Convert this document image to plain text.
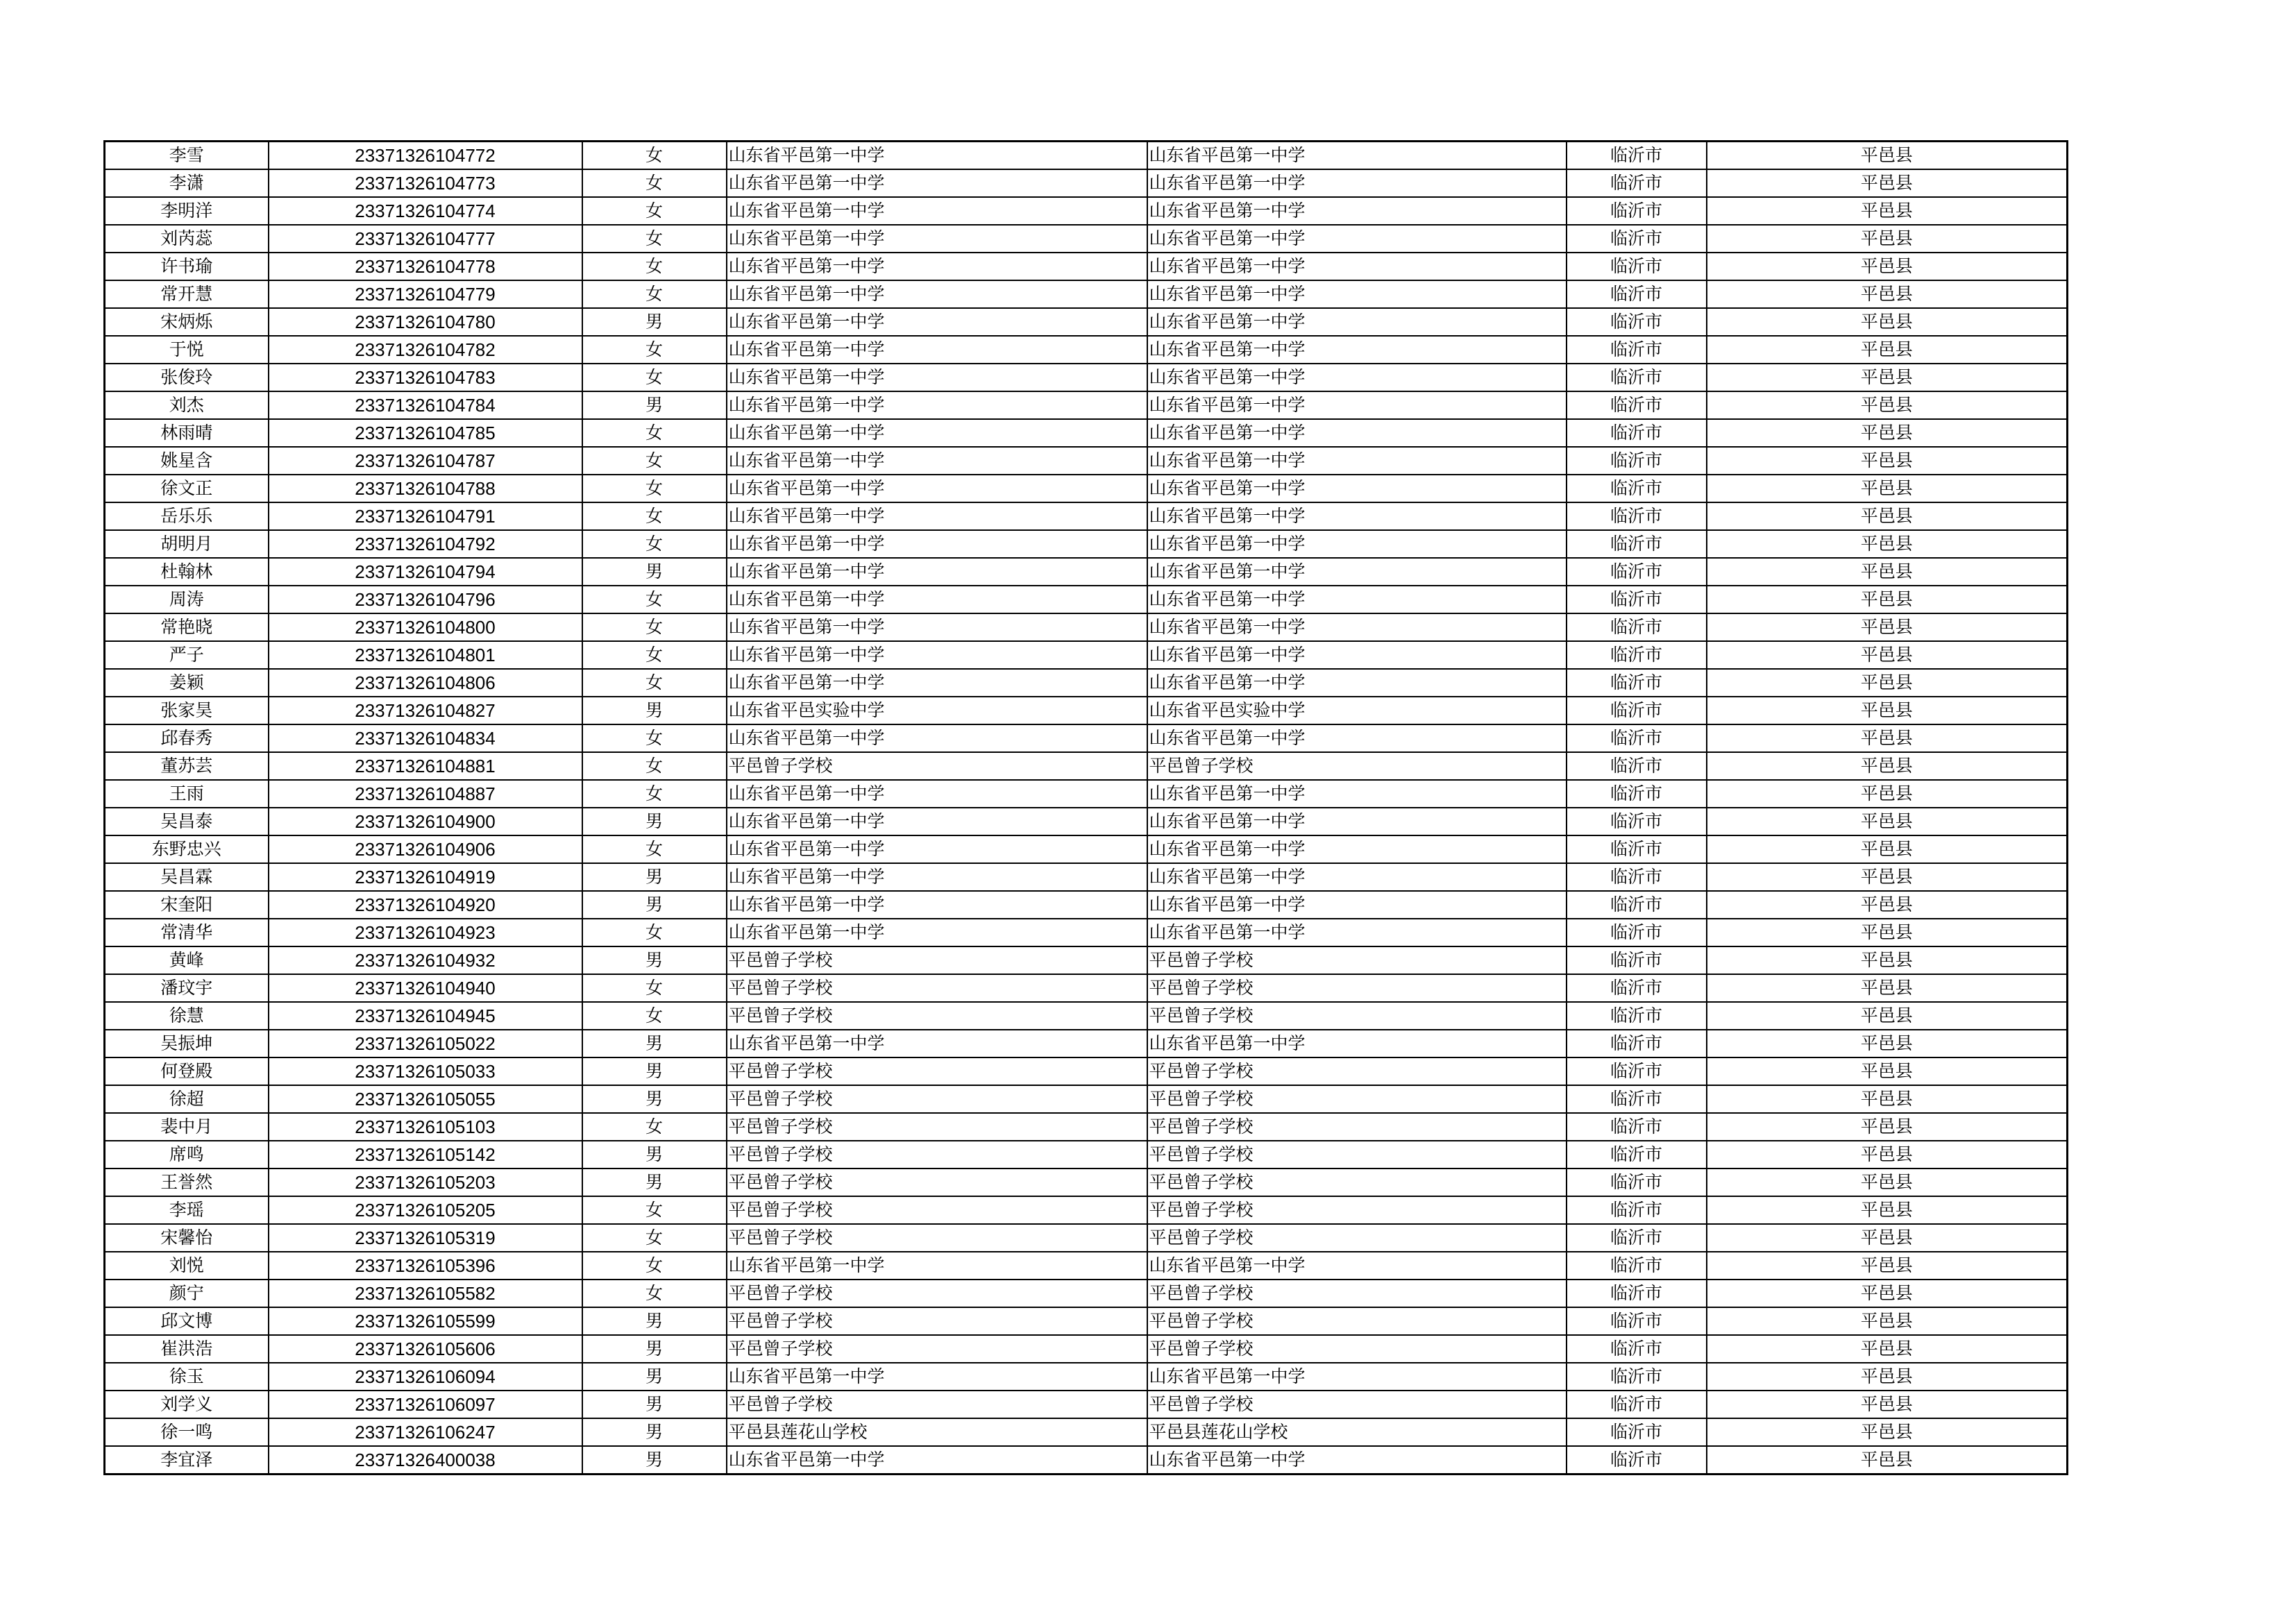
李雪	23371326104772	女	山东省平邑第一中学	山东省平邑第一中学	临沂市	平邑县
李潇	23371326104773	女	山东省平邑第一中学	山东省平邑第一中学	临沂市	平邑县
李明洋	23371326104774	女	山东省平邑第一中学	山东省平邑第一中学	临沂市	平邑县
刘芮蕊	23371326104777	女	山东省平邑第一中学	山东省平邑第一中学	临沂市	平邑县
许书瑜	23371326104778	女	山东省平邑第一中学	山东省平邑第一中学	临沂市	平邑县
常开慧	23371326104779	女	山东省平邑第一中学	山东省平邑第一中学	临沂市	平邑县
宋炳烁	23371326104780	男	山东省平邑第一中学	山东省平邑第一中学	临沂市	平邑县
于悦	23371326104782	女	山东省平邑第一中学	山东省平邑第一中学	临沂市	平邑县
张俊玲	23371326104783	女	山东省平邑第一中学	山东省平邑第一中学	临沂市	平邑县
刘杰	23371326104784	男	山东省平邑第一中学	山东省平邑第一中学	临沂市	平邑县
林雨晴	23371326104785	女	山东省平邑第一中学	山东省平邑第一中学	临沂市	平邑县
姚星含	23371326104787	女	山东省平邑第一中学	山东省平邑第一中学	临沂市	平邑县
徐文正	23371326104788	女	山东省平邑第一中学	山东省平邑第一中学	临沂市	平邑县
岳乐乐	23371326104791	女	山东省平邑第一中学	山东省平邑第一中学	临沂市	平邑县
胡明月	23371326104792	女	山东省平邑第一中学	山东省平邑第一中学	临沂市	平邑县
杜翰林	23371326104794	男	山东省平邑第一中学	山东省平邑第一中学	临沂市	平邑县
周涛	23371326104796	女	山东省平邑第一中学	山东省平邑第一中学	临沂市	平邑县
常艳晓	23371326104800	女	山东省平邑第一中学	山东省平邑第一中学	临沂市	平邑县
严子	23371326104801	女	山东省平邑第一中学	山东省平邑第一中学	临沂市	平邑县
姜颖	23371326104806	女	山东省平邑第一中学	山东省平邑第一中学	临沂市	平邑县
张家昊	23371326104827	男	山东省平邑实验中学	山东省平邑实验中学	临沂市	平邑县
邱春秀	23371326104834	女	山东省平邑第一中学	山东省平邑第一中学	临沂市	平邑县
董苏芸	23371326104881	女	平邑曾子学校	平邑曾子学校	临沂市	平邑县
王雨	23371326104887	女	山东省平邑第一中学	山东省平邑第一中学	临沂市	平邑县
吴昌泰	23371326104900	男	山东省平邑第一中学	山东省平邑第一中学	临沂市	平邑县
东野忠兴	23371326104906	女	山东省平邑第一中学	山东省平邑第一中学	临沂市	平邑县
吴昌霖	23371326104919	男	山东省平邑第一中学	山东省平邑第一中学	临沂市	平邑县
宋奎阳	23371326104920	男	山东省平邑第一中学	山东省平邑第一中学	临沂市	平邑县
常清华	23371326104923	女	山东省平邑第一中学	山东省平邑第一中学	临沂市	平邑县
黄峰	23371326104932	男	平邑曾子学校	平邑曾子学校	临沂市	平邑县
潘玟宇	23371326104940	女	平邑曾子学校	平邑曾子学校	临沂市	平邑县
徐慧	23371326104945	女	平邑曾子学校	平邑曾子学校	临沂市	平邑县
吴振坤	23371326105022	男	山东省平邑第一中学	山东省平邑第一中学	临沂市	平邑县
何登殿	23371326105033	男	平邑曾子学校	平邑曾子学校	临沂市	平邑县
徐超	23371326105055	男	平邑曾子学校	平邑曾子学校	临沂市	平邑县
裴中月	23371326105103	女	平邑曾子学校	平邑曾子学校	临沂市	平邑县
席鸣	23371326105142	男	平邑曾子学校	平邑曾子学校	临沂市	平邑县
王誉然	23371326105203	男	平邑曾子学校	平邑曾子学校	临沂市	平邑县
李瑶	23371326105205	女	平邑曾子学校	平邑曾子学校	临沂市	平邑县
宋馨怡	23371326105319	女	平邑曾子学校	平邑曾子学校	临沂市	平邑县
刘悦	23371326105396	女	山东省平邑第一中学	山东省平邑第一中学	临沂市	平邑县
颜宁	23371326105582	女	平邑曾子学校	平邑曾子学校	临沂市	平邑县
邱文博	23371326105599	男	平邑曾子学校	平邑曾子学校	临沂市	平邑县
崔洪浩	23371326105606	男	平邑曾子学校	平邑曾子学校	临沂市	平邑县
徐玉	23371326106094	男	山东省平邑第一中学	山东省平邑第一中学	临沂市	平邑县
刘学义	23371326106097	男	平邑曾子学校	平邑曾子学校	临沂市	平邑县
徐一鸣	23371326106247	男	平邑县莲花山学校	平邑县莲花山学校	临沂市	平邑县
李宜泽	23371326400038	男	山东省平邑第一中学	山东省平邑第一中学	临沂市	平邑县
